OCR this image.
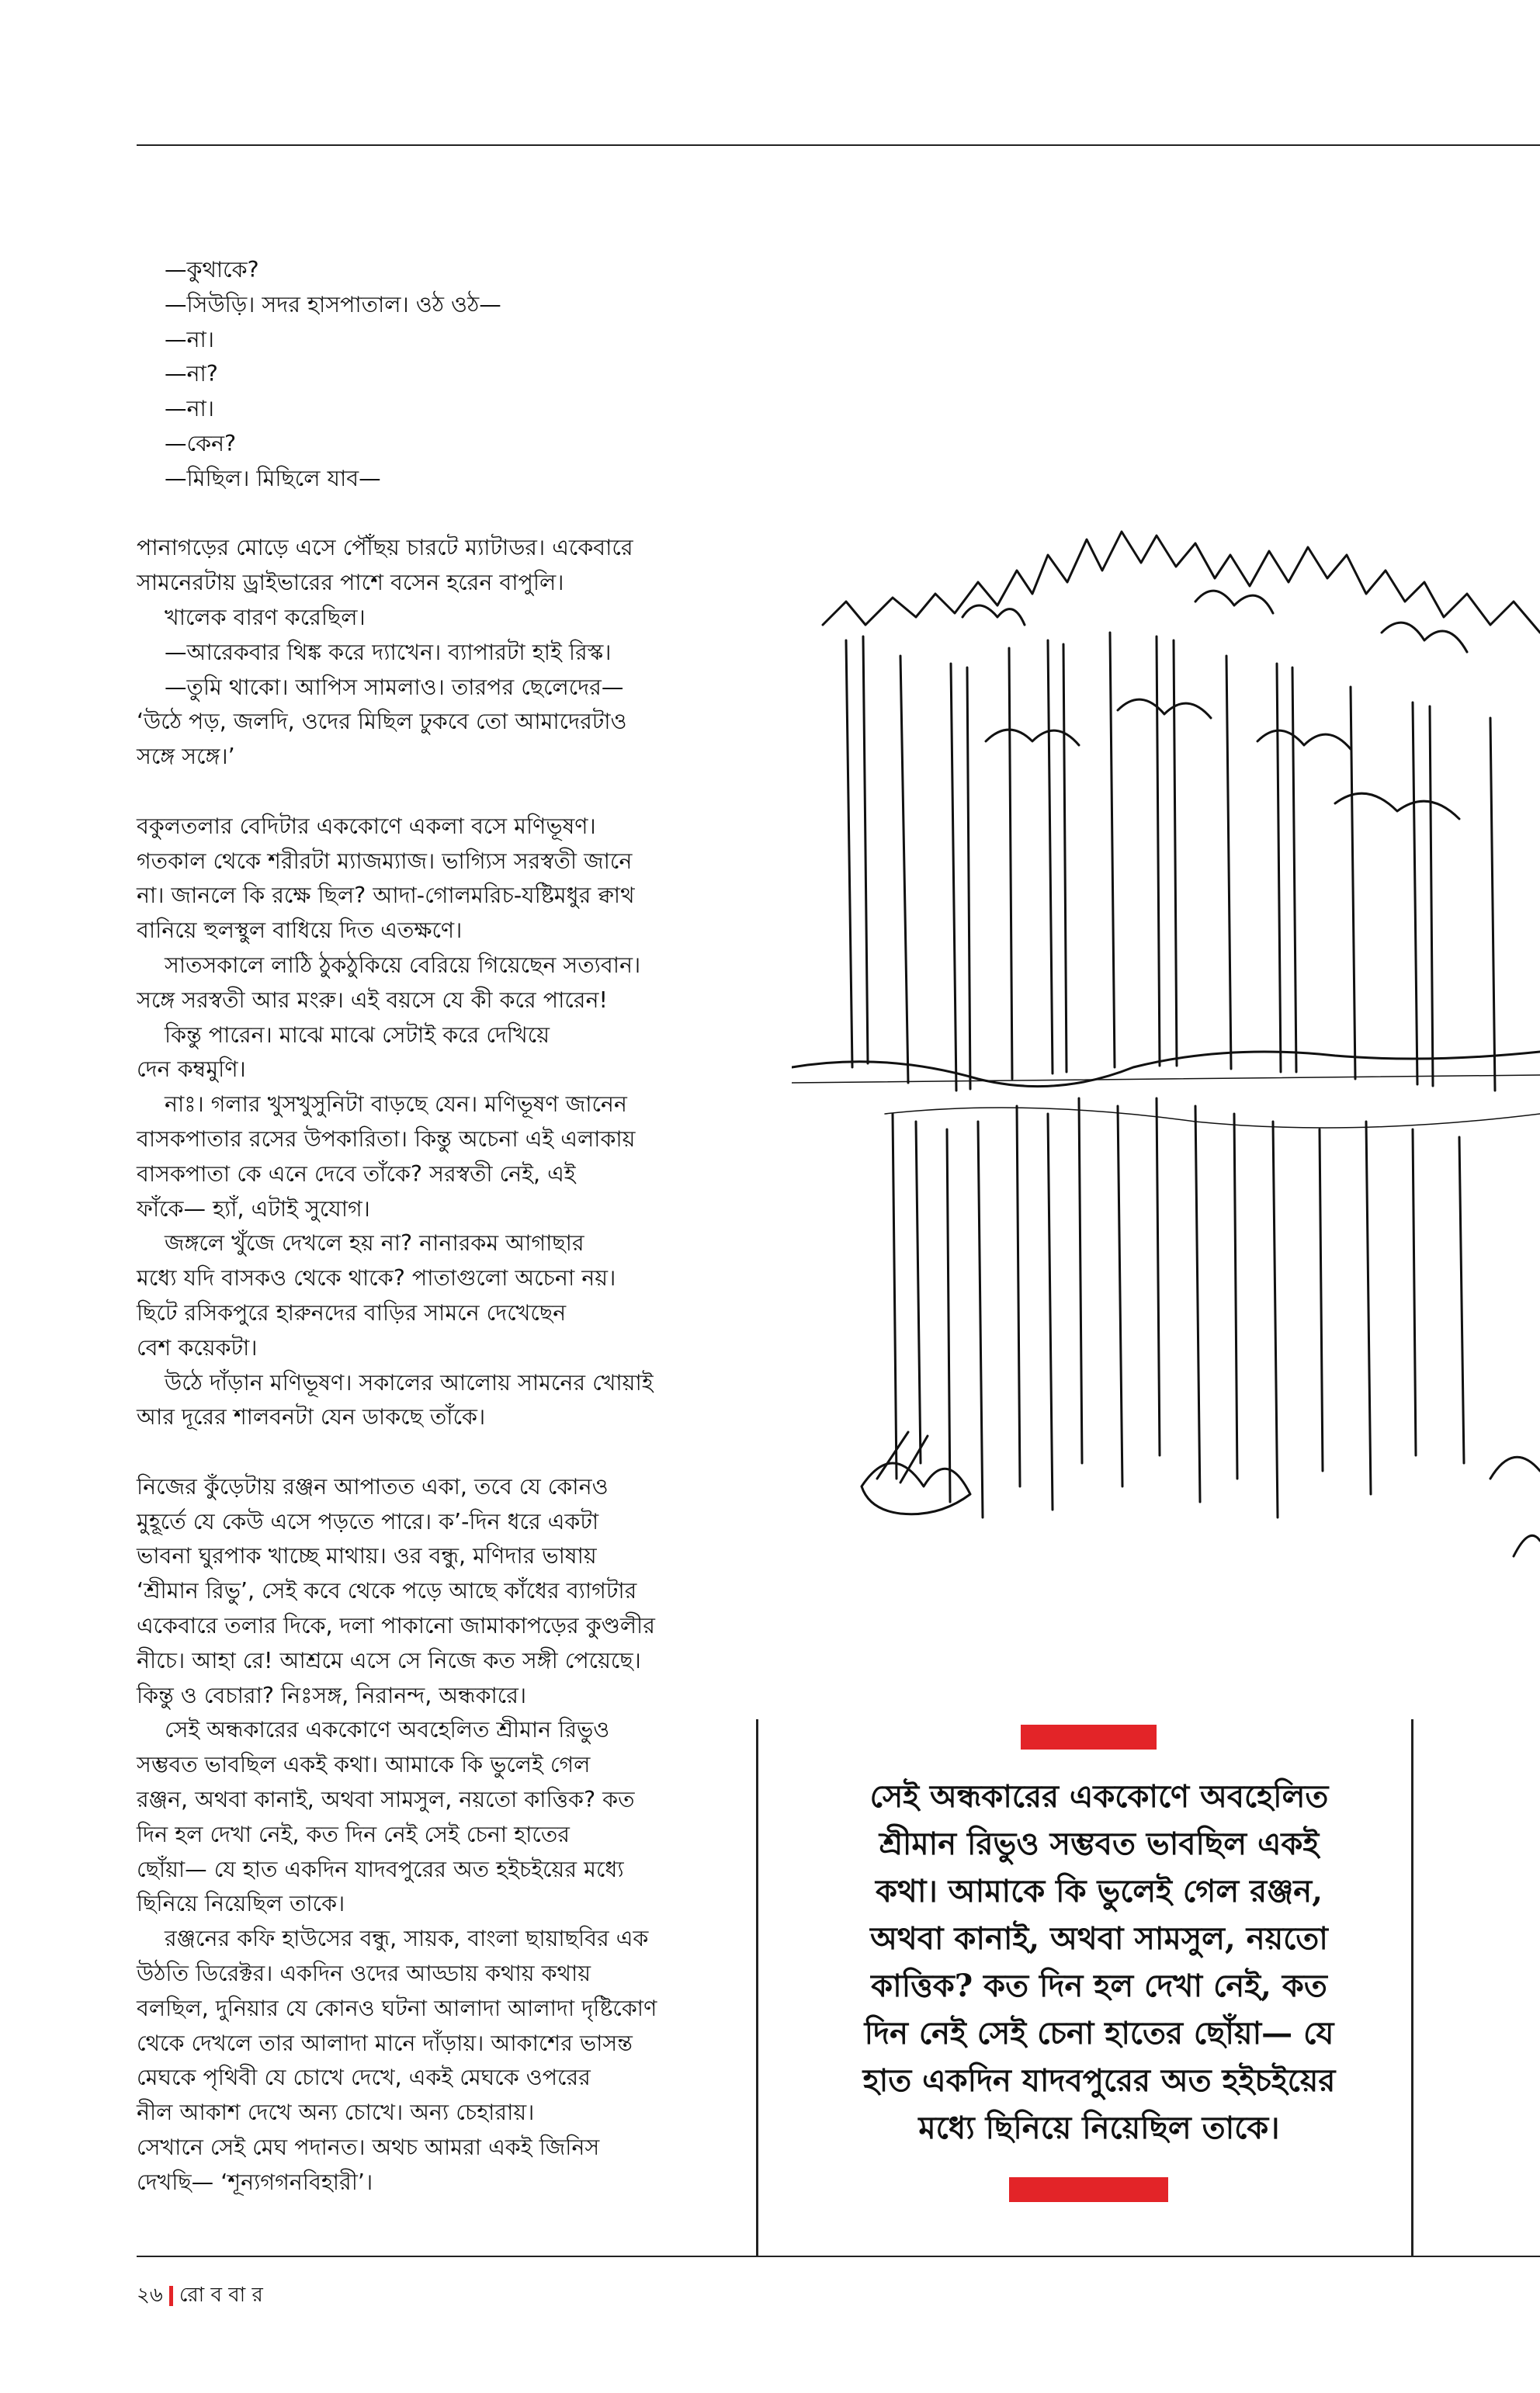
—কুথাকে?

—সিউড়ি। সদর হাসপাতাল। ওঠ ওঠ—

—না।

—না?

—না।

—কেন?

—মিছিল। মিছিলে যাব—

পানাগড়ের মোড়ে এসে পৌঁছয় চারটে ম্যাটাডর। একেবারে

সামনেরটায় ড্রাইভারের পাশে বসেন হরেন বাপুলি।

খালেক বারণ করেছিল।

—আরেকবার থিঙ্ক করে দ্যাখেন। ব্যাপারটা হাই রিস্ক।

—তুমি থাকো। আপিস সামলাও। তারপর ছেলেদের—

‘উঠে পড়, জলদি, ওদের মিছিল ঢুকবে তো আমাদেরটাও

সঙ্গে সঙ্গে।’

বকুলতলার বেদিটার এককোণে একলা বসে মণিভূষণ।

গতকাল থেকে শরীরটা ম্যাজম্যাজ। ভাগ্যিস সরস্বতী জানে

না। জানলে কি রক্ষে ছিল? আদা-গোলমরিচ-যষ্টিমধুর ক্বাথ

বানিয়ে হুলস্থুল বাধিয়ে দিত এতক্ষণে।

সাতসকালে লাঠি ঠুকঠুকিয়ে বেরিয়ে গিয়েছেন সত্যবান।

সঙ্গে সরস্বতী আর মংরু। এই বয়সে যে কী করে পারেন!

কিন্তু পারেন। মাঝে মাঝে সেটাই করে দেখিয়ে

দেন কম্বমুণি।

নাঃ। গলার খুসখুসুনিটা বাড়ছে যেন। মণিভূষণ জানেন

বাসকপাতার রসের উপকারিতা। কিন্তু অচেনা এই এলাকায়

বাসকপাতা কে এনে দেবে তাঁকে? সরস্বতী নেই, এই

ফাঁকে— হ্যাঁ, এটাই সুযোগ।

জঙ্গলে খুঁজে দেখলে হয় না? নানারকম আগাছার

মধ্যে যদি বাসকও থেকে থাকে? পাতাগুলো অচেনা নয়।

ছিটে রসিকপুরে হারুনদের বাড়ির সামনে দেখেছেন

বেশ কয়েকটা।

উঠে দাঁড়ান মণিভূষণ। সকালের আলোয় সামনের খোয়াই

আর দূরের শালবনটা যেন ডাকছে তাঁকে।

নিজের কুঁড়েটায় রঞ্জন আপাতত একা, তবে যে কোনও

মুহূর্তে যে কেউ এসে পড়তে পারে। ক’-দিন ধরে একটা

ভাবনা ঘুরপাক খাচ্ছে মাথায়। ওর বন্ধু, মণিদার ভাষায়

‘শ্রীমান রিভু’, সেই কবে থেকে পড়ে আছে কাঁধের ব্যাগটার

একেবারে তলার দিকে, দলা পাকানো জামাকাপড়ের কুণ্ডলীর

নীচে। আহা রে! আশ্রমে এসে সে নিজে কত সঙ্গী পেয়েছে।

কিন্তু ও বেচারা? নিঃসঙ্গ, নিরানন্দ, অন্ধকারে।

সেই অন্ধকারের এককোণে অবহেলিত শ্রীমান রিভুও

সম্ভবত ভাবছিল একই কথা। আমাকে কি ভুলেই গেল

রঞ্জন, অথবা কানাই, অথবা সামসুল, নয়তো কাত্তিক? কত

দিন হল দেখা নেই, কত দিন নেই সেই চেনা হাতের

ছোঁয়া— যে হাত একদিন যাদবপুরের অত হইচইয়ের মধ্যে

ছিনিয়ে নিয়েছিল তাকে।

রঞ্জনের কফি হাউসের বন্ধু, সায়ক, বাংলা ছায়াছবির এক

উঠতি ডিরেক্টর। একদিন ওদের আড্ডায় কথায় কথায়

বলছিল, দুনিয়ার যে কোনও ঘটনা আলাদা আলাদা দৃষ্টিকোণ

থেকে দেখলে তার আলাদা মানে দাঁড়ায়। আকাশের ভাসন্ত

মেঘকে পৃথিবী যে চোখে দেখে, একই মেঘকে ওপরের

নীল আকাশ দেখে অন্য চোখে। অন্য চেহারায়।

সেখানে সেই মেঘ পদানত। অথচ আমরা একই জিনিস

দেখছি— ‘শূন্যগগনবিহারী’।

সেই অন্ধকারের এককোণে অবহেলিত
শ্রীমান রিভুও সম্ভবত ভাবছিল একই
কথা। আমাকে কি ভুলেই গেল রঞ্জন,
অথবা কানাই, অথবা সামসুল, নয়তো
কাত্তিক? কত দিন হল দেখা নেই, কত
দিন নেই সেই চেনা হাতের ছোঁয়া— যে
হাত একদিন যাদবপুরের অত হইচইয়ের
মধ্যে ছিনিয়ে নিয়েছিল তাকে।
২৬ রো ব বা র
